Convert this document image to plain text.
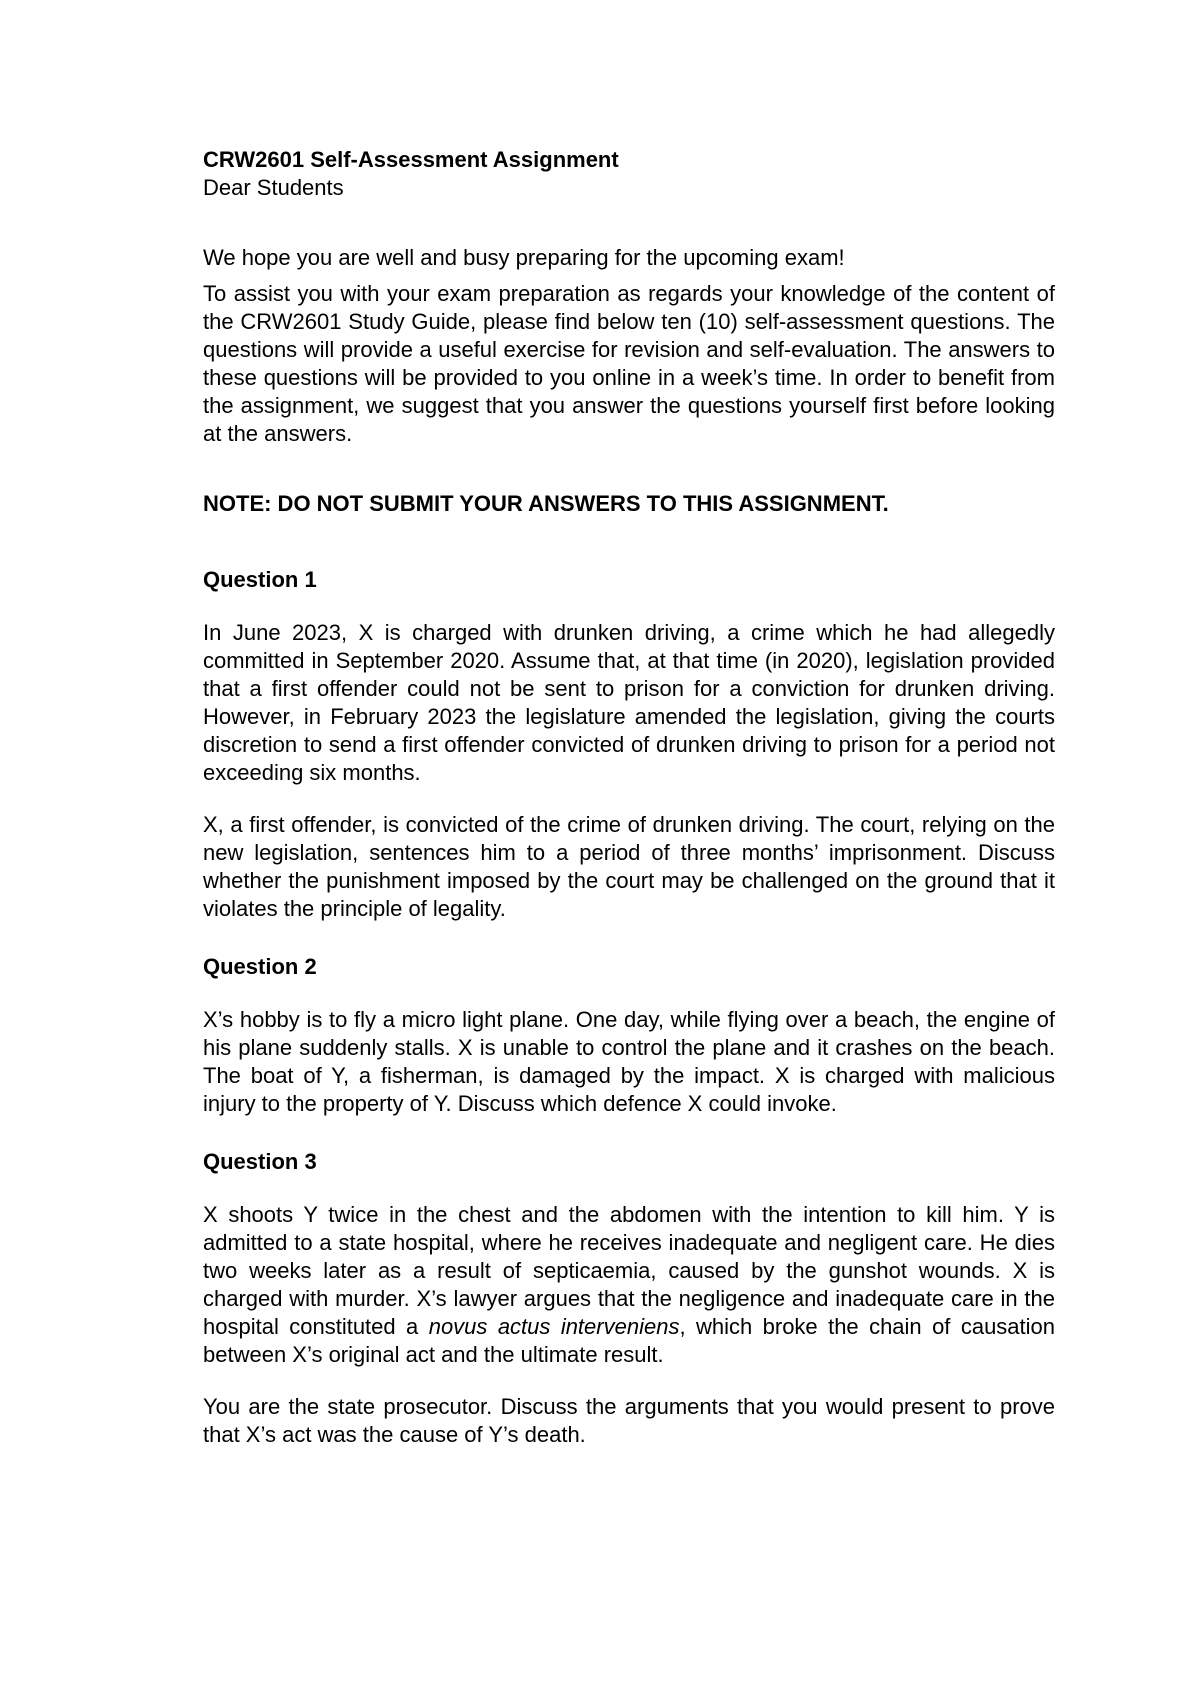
CRW2601 Self-Assessment Assignment

Dear Students

We hope you are well and busy preparing for the upcoming exam!

To assist you with your exam preparation as regards your knowledge of the content of the CRW2601 Study Guide, please find below ten (10) self-assessment questions. The questions will provide a useful exercise for revision and self-evaluation. The answers to these questions will be provided to you online in a week’s time. In order to benefit from the assignment, we suggest that you answer the questions yourself first before looking at the answers.

NOTE: DO NOT SUBMIT YOUR ANSWERS TO THIS ASSIGNMENT.

Question 1

In June 2023, X is charged with drunken driving, a crime which he had allegedly committed in September 2020. Assume that, at that time (in 2020), legislation provided that a first offender could not be sent to prison for a conviction for drunken driving. However, in February 2023 the legislature amended the legislation, giving the courts discretion to send a first offender convicted of drunken driving to prison for a period not exceeding six months.

X, a first offender, is convicted of the crime of drunken driving. The court, relying on the new legislation, sentences him to a period of three months’ imprisonment. Discuss whether the punishment imposed by the court may be challenged on the ground that it violates the principle of legality.

Question 2

X’s hobby is to fly a micro light plane. One day, while flying over a beach, the engine of his plane suddenly stalls. X is unable to control the plane and it crashes on the beach. The boat of Y, a fisherman, is damaged by the impact. X is charged with malicious injury to the property of Y. Discuss which defence X could invoke.

Question 3

X shoots Y twice in the chest and the abdomen with the intention to kill him. Y is admitted to a state hospital, where he receives inadequate and negligent care. He dies two weeks later as a result of septicaemia, caused by the gunshot wounds. X is charged with murder. X’s lawyer argues that the negligence and inadequate care in the hospital constituted a novus actus interveniens, which broke the chain of causation between X’s original act and the ultimate result.

You are the state prosecutor. Discuss the arguments that you would present to prove that X’s act was the cause of Y’s death.
